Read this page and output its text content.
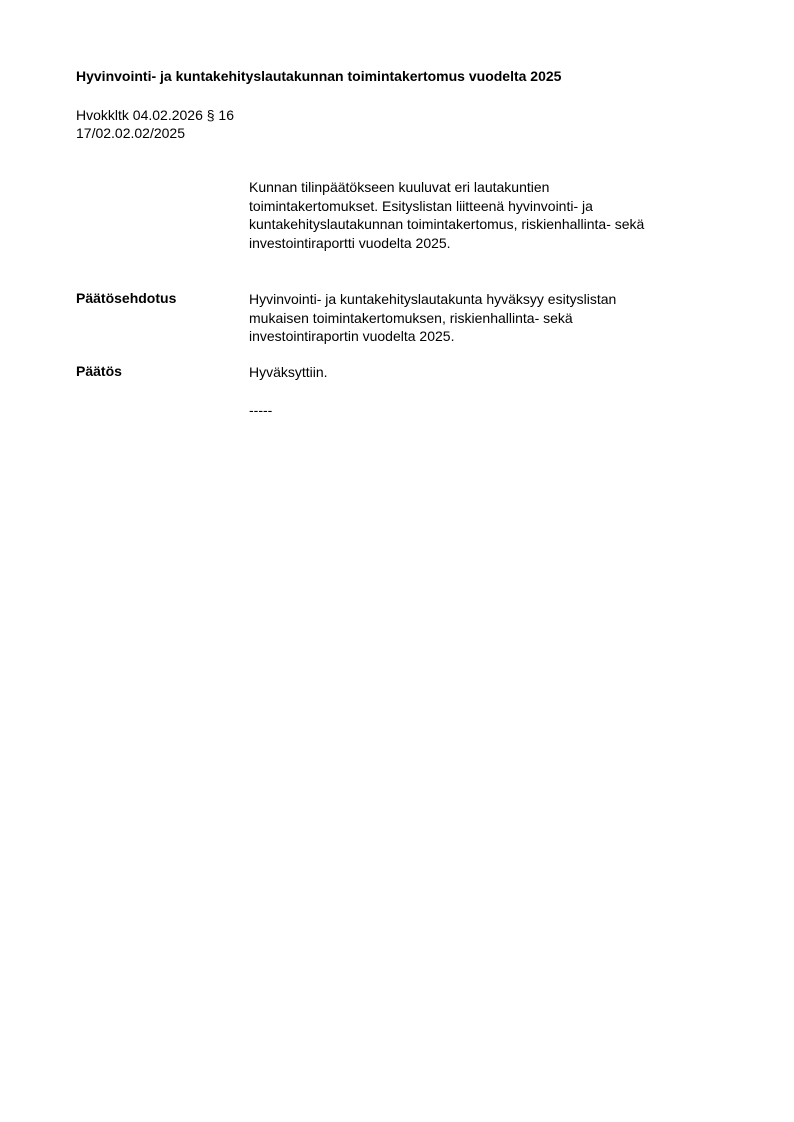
Hyvinvointi- ja kuntakehityslautakunnan toimintakertomus vuodelta 2025
Hvokkltk 04.02.2026 § 16
17/02.02.02/2025
Kunnan tilinpäätökseen kuuluvat eri lautakuntien
toimintakertomukset. Esityslistan liitteenä hyvinvointi- ja
kuntakehityslautakunnan toimintakertomus, riskienhallinta- sekä
investointiraportti vuodelta 2025.
Päätösehdotus	Hyvinvointi- ja kuntakehityslautakunta hyväksyy esityslistan
mukaisen toimintakertomuksen, riskienhallinta- sekä
investointiraportin vuodelta 2025.
Päätös	Hyväksyttiin.
-----
